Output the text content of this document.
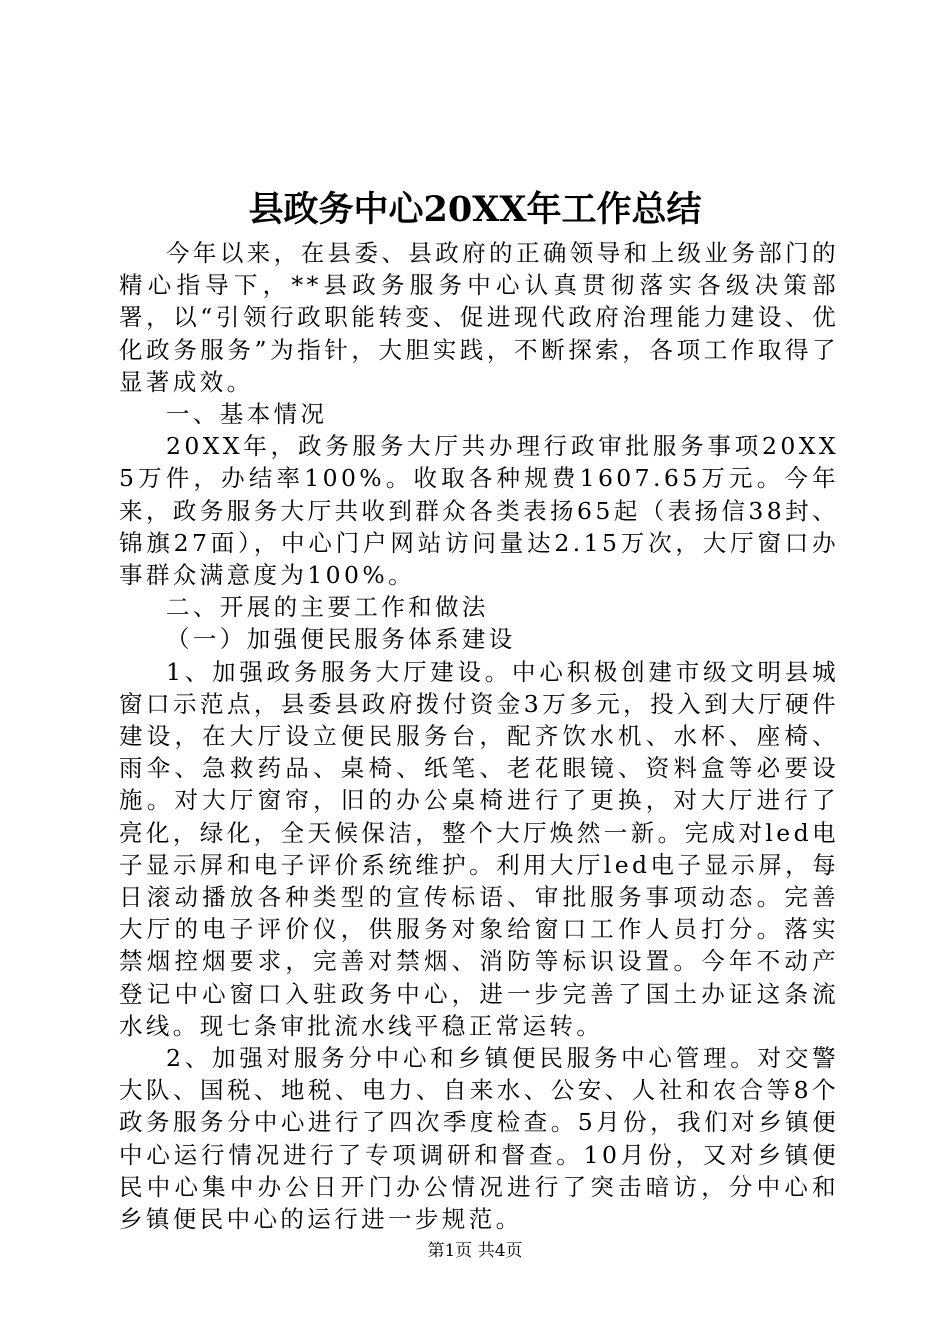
县政务中心20XX年工作总结

今年以来，在县委、县政府的正确领导和上级业务部门的精心指导下，**县政务服务中心认真贯彻落实各级决策部署，以“引领行政职能转变、促进现代政府治理能力建设、优化政务服务”为指针，大胆实践，不断探索，各项工作取得了显著成效。

一、基本情况

20XX年，政务服务大厅共办理行政审批服务事项20XX5万件，办结率100%。收取各种规费1607.65万元。今年来，政务服务大厅共收到群众各类表扬65起（表扬信38封、锦旗27面），中心门户网站访问量达2.15万次，大厅窗口办事群众满意度为100%。

二、开展的主要工作和做法

（一）加强便民服务体系建设

1、加强政务服务大厅建设。中心积极创建市级文明县城窗口示范点，县委县政府拨付资金3万多元，投入到大厅硬件建设，在大厅设立便民服务台，配齐饮水机、水杯、座椅、雨伞、急救药品、桌椅、纸笔、老花眼镜、资料盒等必要设施。对大厅窗帘，旧的办公桌椅进行了更换，对大厅进行了亮化，绿化，全天候保洁，整个大厅焕然一新。完成对led电子显示屏和电子评价系统维护。利用大厅led电子显示屏，每日滚动播放各种类型的宣传标语、审批服务事项动态。完善大厅的电子评价仪，供服务对象给窗口工作人员打分。落实禁烟控烟要求，完善对禁烟、消防等标识设置。今年不动产登记中心窗口入驻政务中心，进一步完善了国土办证这条流水线。现七条审批流水线平稳正常运转。

2、加强对服务分中心和乡镇便民服务中心管理。对交警大队、国税、地税、电力、自来水、公安、人社和农合等8个政务服务分中心进行了四次季度检查。5月份，我们对乡镇便中心运行情况进行了专项调研和督查。10月份，又对乡镇便民中心集中办公日开门办公情况进行了突击暗访，分中心和乡镇便民中心的运行进一步规范。

第1页 共4页
